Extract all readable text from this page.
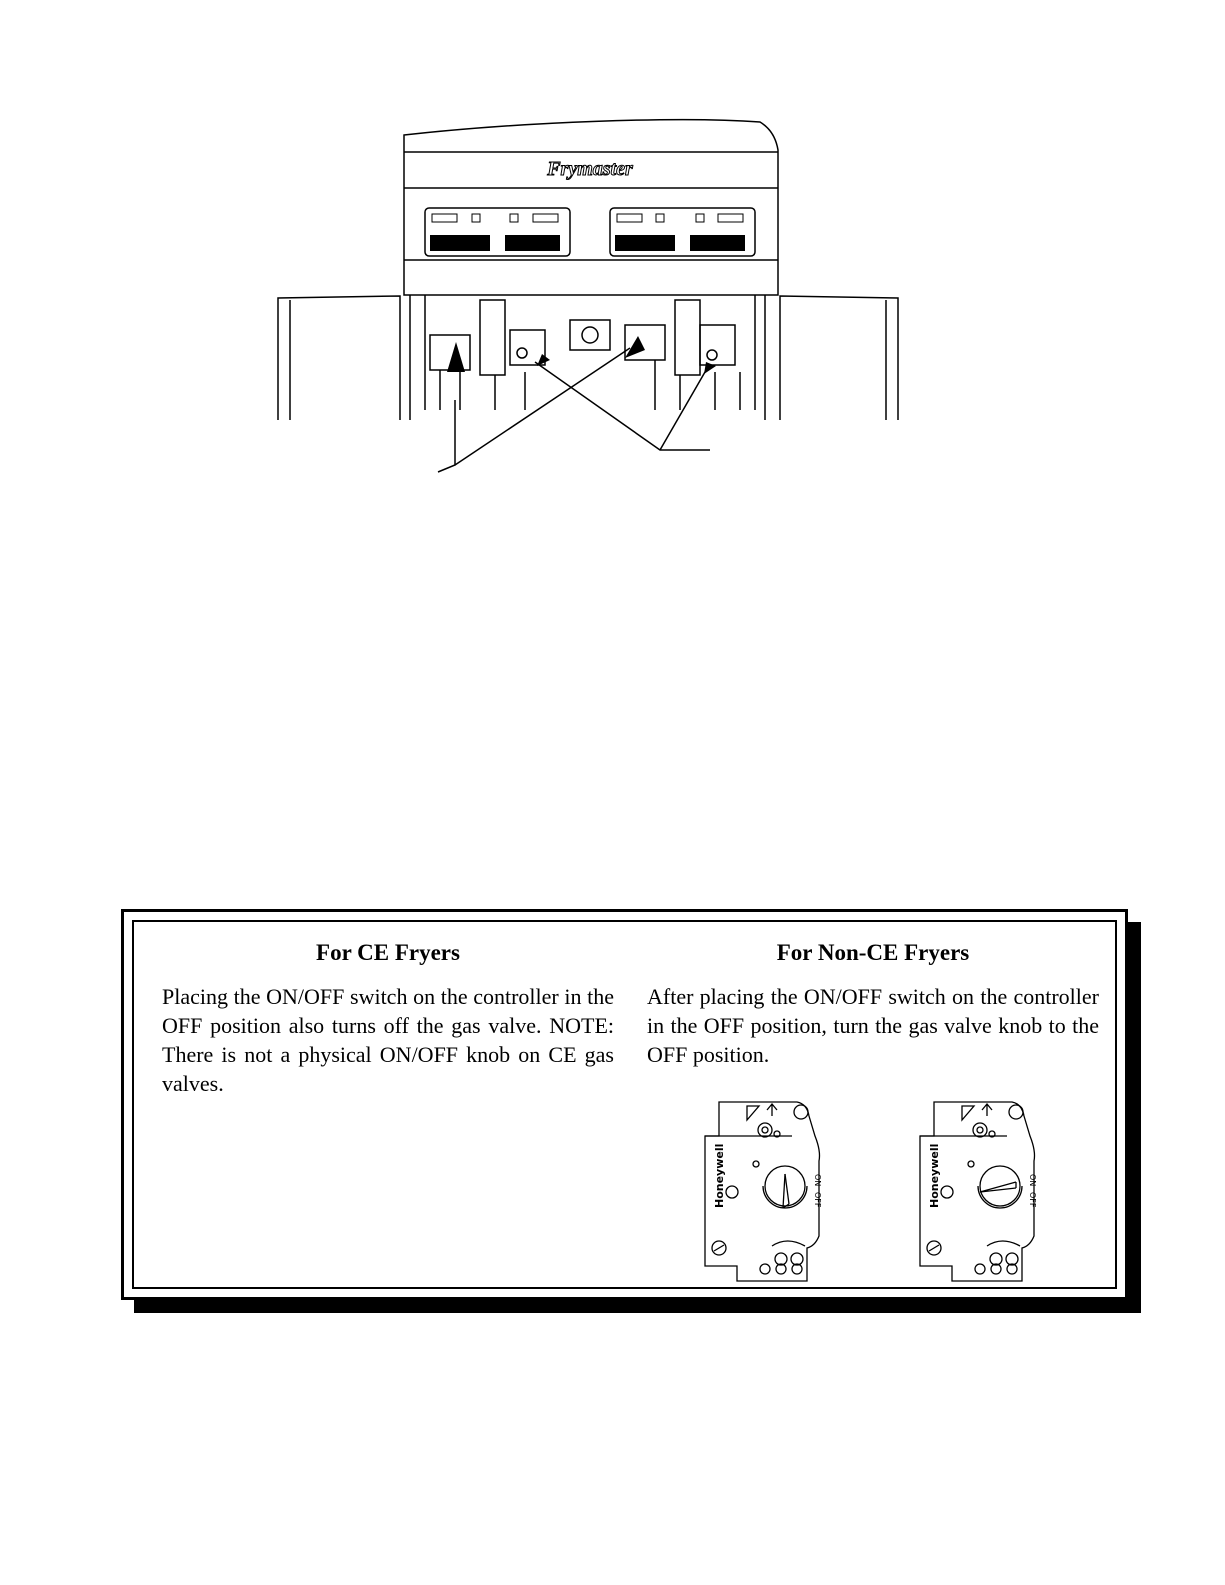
Frymaster
For CE Fryers

Placing the ON/OFF switch on the controller in the OFF position also turns off the gas valve. NOTE: There is not a physical ON/OFF knob on CE gas valves.

For Non-CE Fryers

After placing the ON/OFF switch on the controller in the OFF position, turn the gas valve knob to the OFF position.

Honeywell	ON
OFF	Honeywell	ON
OFF
